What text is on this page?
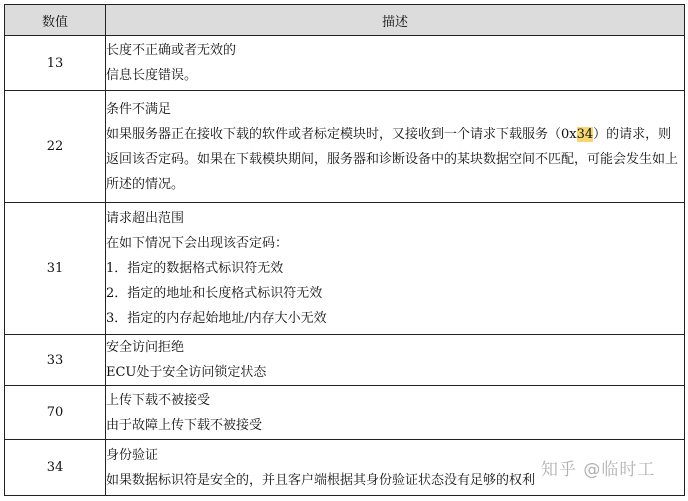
数值	描述
13	长度不正确或者无效的
信息长度错误。

22	条件不满足
如果服务器正在接收下载的软件或者标定模块时，又接收到一个请求下载服务（0x34）的请求，则返回该否定码。如果在下载模块期间，服务器和诊断设备中的某块数据空间不匹配，可能会发生如上所述的情况。

31	请求超出范围
在如下情况下会出现该否定码：
1．指定的数据格式标识符无效
2．指定的地址和长度格式标识符无效
3．指定的内存起始地址/内存大小无效

33	安全访问拒绝
ECU处于安全访问锁定状态

70	上传下载不被接受
由于故障上传下载不被接受

34	身份验证
如果数据标识符是安全的，并且客户端根据其身份验证状态没有足够的权利 知乎 @临时工
